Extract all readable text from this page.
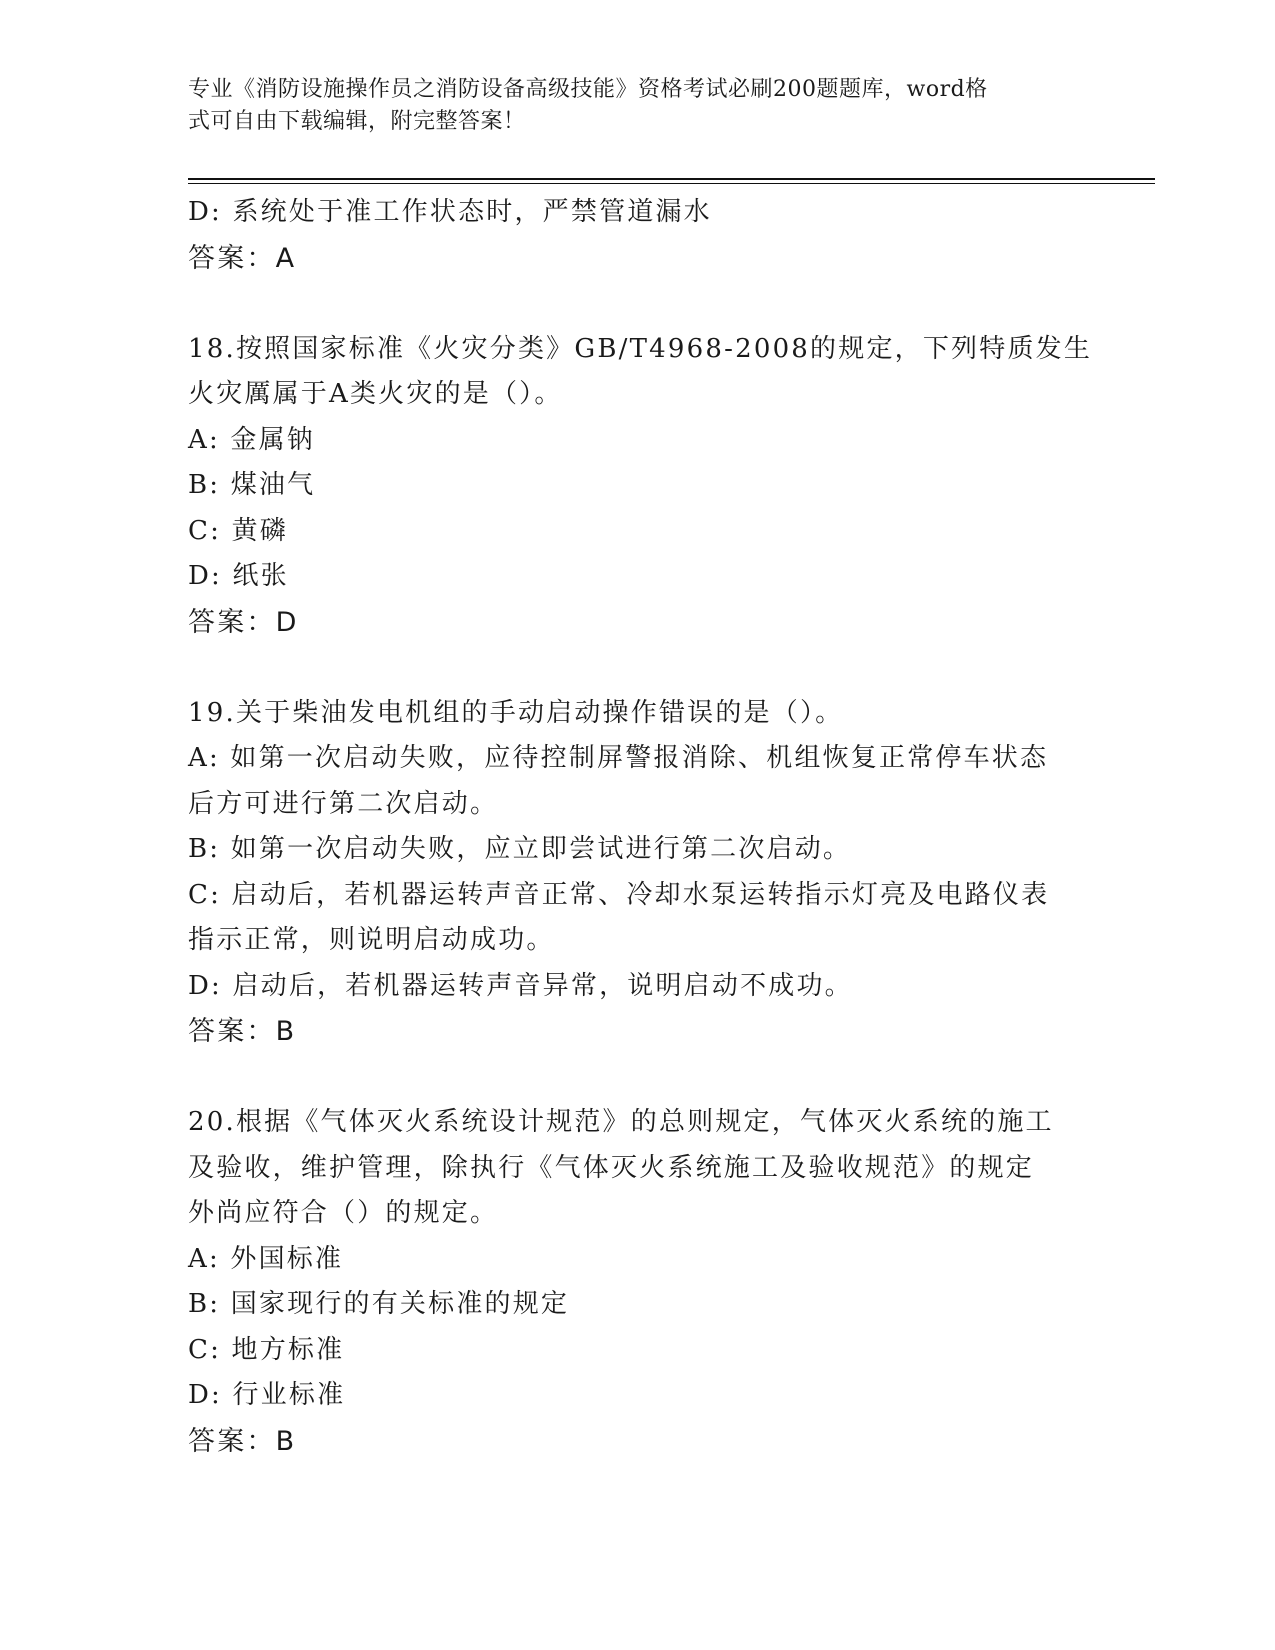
专业《消防设施操作员之消防设备高级技能》资格考试必刷200题题库，word格
式可自由下载编辑，附完整答案！
D: 系统处于准工作状态时，严禁管道漏水
答案：A
18.按照国家标准《火灾分类》GB/T4968-2008的规定，下列特质发生
火灾厲属于A类火灾的是（）。
A: 金属钠
B: 煤油气
C: 黄磷
D: 纸张
答案：D
19.关于柴油发电机组的手动启动操作错误的是（）。
A: 如第一次启动失败，应待控制屏警报消除、机组恢复正常停车状态
后方可进行第二次启动。
B: 如第一次启动失败，应立即尝试进行第二次启动。
C: 启动后，若机器运转声音正常、冷却水泵运转指示灯亮及电路仪表
指示正常，则说明启动成功。
D: 启动后，若机器运转声音异常，说明启动不成功。
答案：B
20.根据《气体灭火系统设计规范》的总则规定，气体灭火系统的施工
及验收，维护管理，除执行《气体灭火系统施工及验收规范》的规定
外尚应符合（）的规定。
A: 外国标准
B: 国家现行的有关标准的规定
C: 地方标准
D: 行业标准
答案：B
